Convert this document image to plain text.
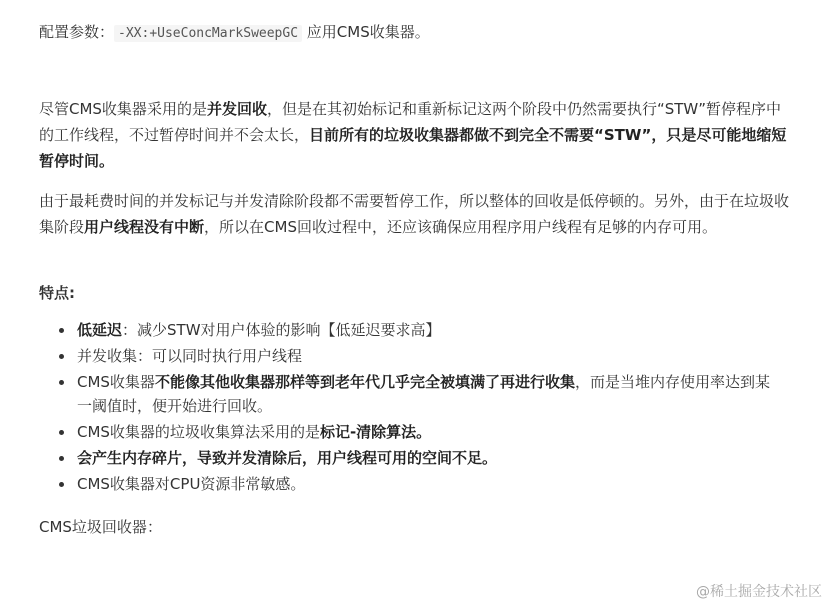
配置参数： -XX:+UseConcMarkSweepGC 应用CMS收集器。

尽管CMS收集器采用的是并发回收，但是在其初始标记和重新标记这两个阶段中仍然需要执行“STW”暂停程序中的工作线程，不过暂停时间并不会太长，目前所有的垃圾收集器都做不到完全不需要“STW”，只是尽可能地缩短暂停时间。

由于最耗费时间的并发标记与并发清除阶段都不需要暂停工作，所以整体的回收是低停顿的。另外，由于在垃圾收集阶段用户线程没有中断，所以在CMS回收过程中，还应该确保应用程序用户线程有足够的内存可用。

特点:

低延迟：减少STW对用户体验的影响【低延迟要求高】
并发收集：可以同时执行用户线程
CMS收集器不能像其他收集器那样等到老年代几乎完全被填满了再进行收集，而是当堆内存使用率达到某一阈值时，便开始进行回收。
CMS收集器的垃圾收集算法采用的是标记-清除算法。
会产生内存碎片，导致并发清除后，用户线程可用的空间不足。
CMS收集器对CPU资源非常敏感。

CMS垃圾回收器：

@稀土掘金技术社区
